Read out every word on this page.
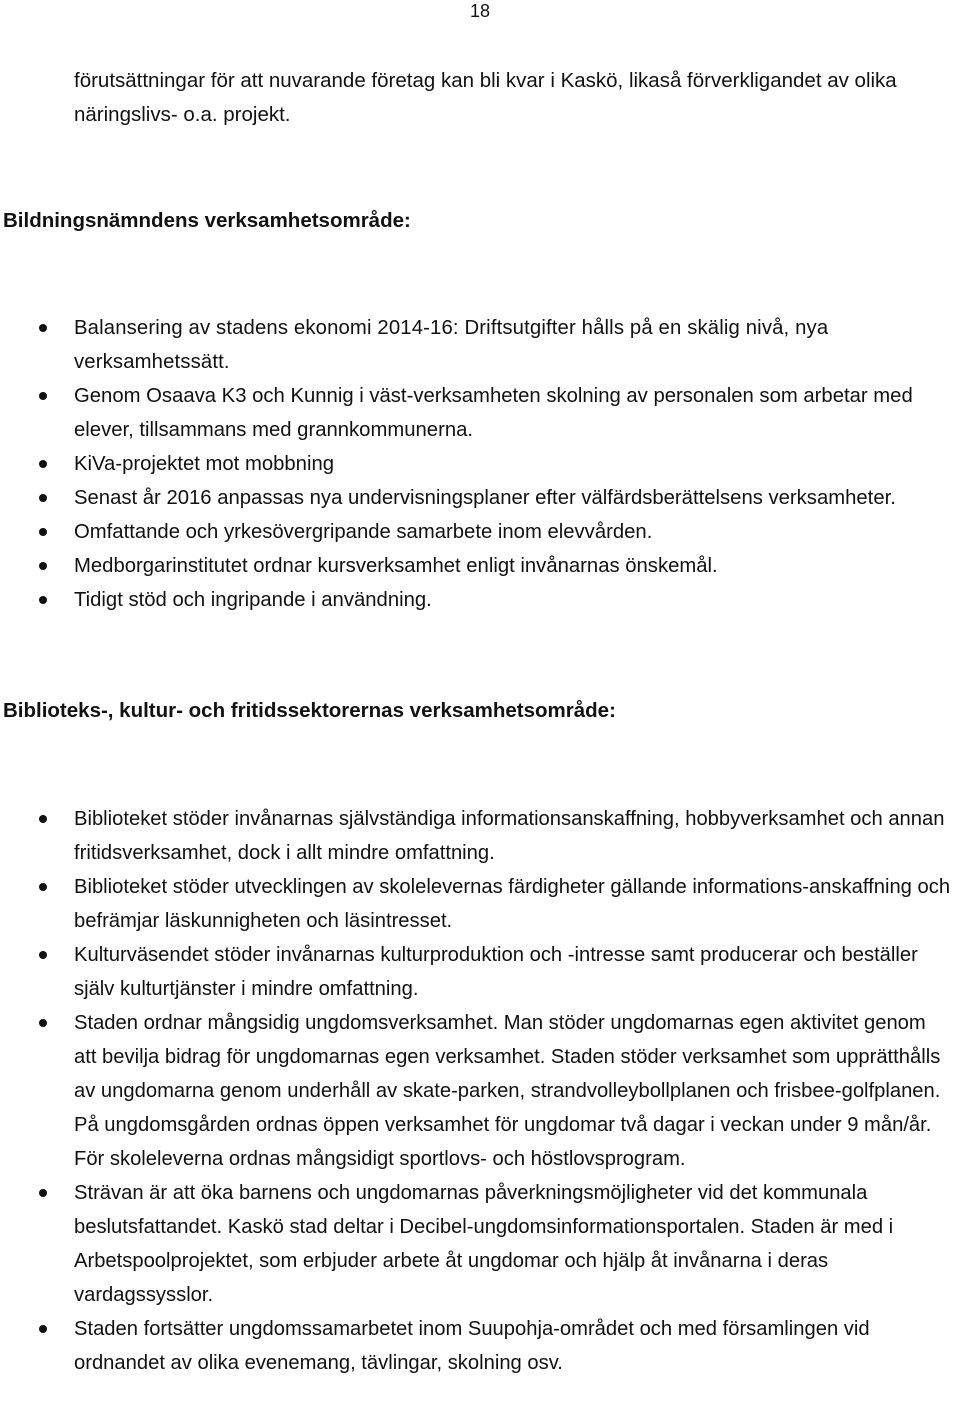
18

förutsättningar för att nuvarande företag kan bli kvar i Kaskö, likaså förverkligandet av olika näringslivs- o.a. projekt.

Bildningsnämndens verksamhetsområde:
Balansering av stadens ekonomi 2014-16: Driftsutgifter hålls på en skälig nivå, nya verksamhetssätt.
Genom Osaava K3 och Kunnig i väst-verksamheten skolning av personalen som arbetar med elever, tillsammans med grannkommunerna.
KiVa-projektet mot mobbning
Senast år 2016 anpassas nya undervisningsplaner efter välfärdsberättelsens verksamheter.
Omfattande och yrkesövergripande samarbete inom elevvården.
Medborgarinstitutet ordnar kursverksamhet enligt invånarnas önskemål.
Tidigt stöd och ingripande i användning.
Biblioteks-, kultur- och fritidssektorernas verksamhetsområde:
Biblioteket stöder invånarnas självständiga informationsanskaffning, hobbyverksamhet och annan fritidsverksamhet, dock i allt mindre omfattning.
Biblioteket stöder utvecklingen av skolelevernas färdigheter gällande informations-anskaffning och befrämjar läskunnigheten och läsintresset.
Kulturväsendet stöder invånarnas kulturproduktion och -intresse samt producerar och beställer själv kulturtjänster i mindre omfattning.
Staden ordnar mångsidig ungdomsverksamhet. Man stöder ungdomarnas egen aktivitet genom att bevilja bidrag för ungdomarnas egen verksamhet. Staden stöder verksamhet som upprätthålls av ungdomarna genom underhåll av skate-parken, strandvolleybollplanen och frisbee-golfplanen. På ungdomsgården ordnas öppen verksamhet för ungdomar två dagar i veckan under 9 mån/år. För skoleleverna ordnas mångsidigt sportlovs- och höstlovsprogram.
Strävan är att öka barnens och ungdomarnas påverkningsmöjligheter vid det kommunala beslutsfattandet. Kaskö stad deltar i Decibel-ungdomsinformationsportalen. Staden är med i Arbetspoolprojektet, som erbjuder arbete åt ungdomar och hjälp åt invånarna i deras vardagssysslor.
Staden fortsätter ungdomssamarbetet inom Suupohja-området och med församlingen vid ordnandet av olika evenemang, tävlingar, skolning osv.
